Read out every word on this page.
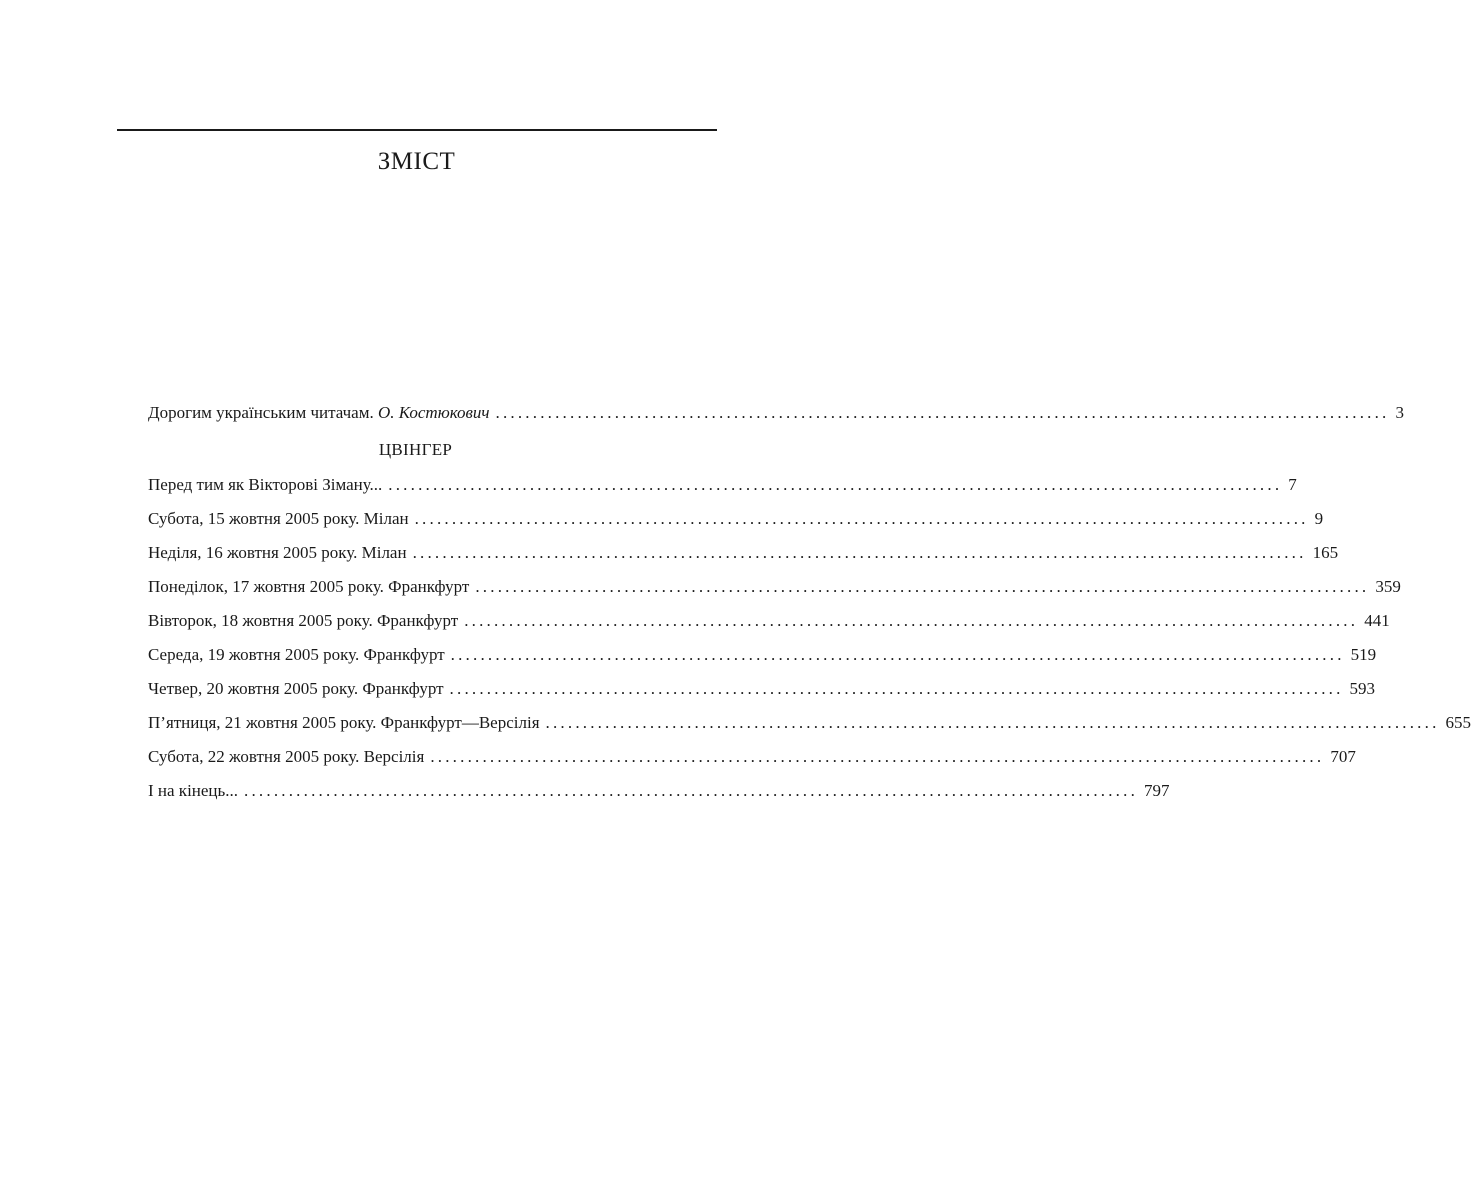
ЗМІСТ
Дорогим українським читачам. О. Костюкович ........................................................................................................................ 3
ЦВІНГЕР
Перед тим як Вікторові Зіману... ........................................................................................................................ 7
Субота, 15 жовтня 2005 року. Мілан ........................................................................................................................ 9
Неділя, 16 жовтня 2005 року. Мілан ........................................................................................................................ 165
Понеділок, 17 жовтня 2005 року. Франкфурт ........................................................................................................................ 359
Вівторок, 18 жовтня 2005 року. Франкфурт ........................................................................................................................ 441
Середа, 19 жовтня 2005 року. Франкфурт ........................................................................................................................ 519
Четвер, 20 жовтня 2005 року. Франкфурт ........................................................................................................................ 593
П’ятниця, 21 жовтня 2005 року. Франкфурт—Версілія ........................................................................................................................ 655
Субота, 22 жовтня 2005 року. Версілія ........................................................................................................................ 707
І на кінець... ........................................................................................................................ 797
